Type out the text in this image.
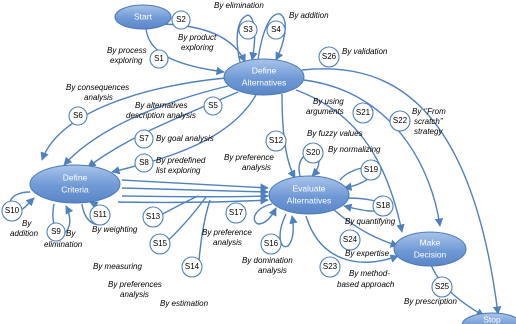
Start
Define
Alternatives
Define
Criteria	Evaluate
Alternatives
Make
Decision
Stop
S1
S2
S3 S4
S5
S6
S7
S8
S9
S10	S11
S12
S13
S14
S15	S16
S17
S18
S19
S20
S21
S22
S23
S24
S25
S26
By elimination
By addition
By product
exploring
By process
exploring
By validation
By consequences
analysis
By alternatives
description analysis
By goal analysis
By predefined
list exploring
By using
arguments	By ‘’From
scratch’’
strategy
By fuzzy values
By normalizing
By preference
analysis
By
addition	By
elimination
By weighting
By measuring
By preferences
analysis
By estimation
By preference
analysis
By domination
analysis
By quantifying
By expertise
By method-
based approach
By prescription
